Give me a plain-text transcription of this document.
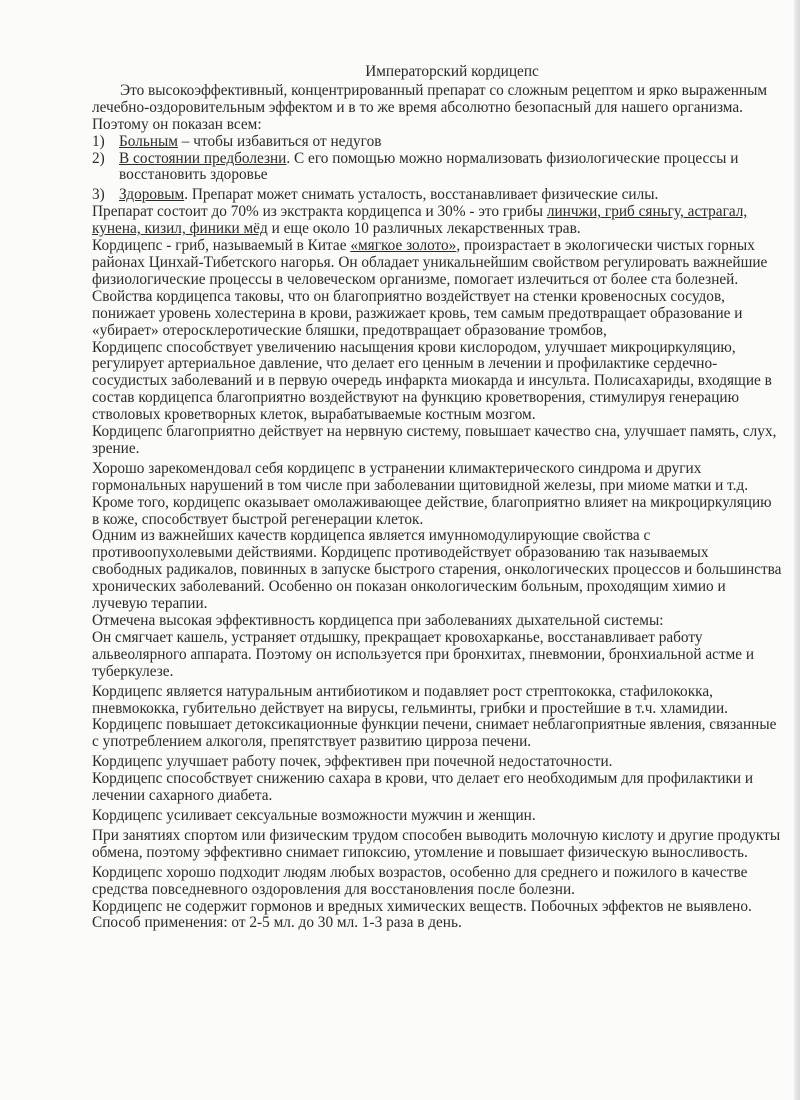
Императорский кордицепс

Это высокоэффективный, концентрированный препарат со сложным рецептом и ярко выраженным лечебно-оздоровительным эффектом и в то же время абсолютно безопасный для нашего организма.

Поэтому он показан всем:

1) Больным – чтобы избавиться от недугов
2) В состоянии предболезни. С его помощью можно нормализовать физиологические процессы и восстановить здоровье
3) Здоровым. Препарат может снимать усталость, восстанавливает физические силы.

Препарат состоит до 70% из экстракта кордицепса и 30% - это грибы линчжи, гриб сяньгу, астрагал, кунена, кизил, финики мёд и еще около 10 различных лекарственных трав.

Кордицепс - гриб, называемый в Китае «мягкое золото», произрастает в экологически чистых горных районах Цинхай-Тибетского нагорья. Он обладает уникальнейшим свойством регулировать важнейшие физиологические процессы в человеческом организме, помогает излечиться от более ста болезней. Свойства кордицепса таковы, что он благоприятно воздействует на стенки кровеносных сосудов, понижает уровень холестерина в крови, разжижает кровь, тем самым предотвращает образование и «убирает» отеросклеротические бляшки, предотвращает образование тромбов,

Кордицепс способствует увеличению насыщения крови кислородом, улучшает микроциркуляцию, регулирует артериальное давление, что делает его ценным в лечении и профилактике сердечно-сосудистых заболеваний и в первую очередь инфаркта миокарда и инсульта. Полисахариды, входящие в состав кордицепса благоприятно воздействуют на функцию кроветворения, стимулируя генерацию стволовых кроветворных клеток, вырабатываемые костным мозгом.

Кордицепс благоприятно действует на нервную систему, повышает качество сна, улучшает память, слух, зрение.

Хорошо зарекомендовал себя кордицепс в устранении климактерического синдрома и других гормональных нарушений в том числе при заболевании щитовидной железы, при миоме матки и т.д.

Кроме того, кордицепс оказывает омолаживающее действие, благоприятно влияет на микроциркуляцию в коже, способствует быстрой регенерации клеток.

Одним из важнейших качеств кордицепса является имунномодулирующие свойства с противоопухолевыми действиями. Кордицепс противодействует образованию так называемых свободных радикалов, повинных в запуске быстрого старения, онкологических процессов и большинства хронических заболеваний. Особенно он показан онкологическим больным, проходящим химио и лучевую терапии.

Отмечена высокая эффективность кордицепса при заболеваниях дыхательной системы:

Он смягчает кашель, устраняет отдышку, прекращает кровохарканье, восстанавливает работу альвеолярного аппарата. Поэтому он используется при бронхитах, пневмонии, бронхиальной астме и туберкулезе.

Кордицепс является натуральным антибиотиком и подавляет рост стрептококка, стафилококка, пневмококка, губительно действует на вирусы, гельминты, грибки и простейшие в т.ч. хламидии.

Кордицепс повышает детоксикационные функции печени, снимает неблагоприятные явления, связанные с употреблением алкоголя, препятствует развитию цирроза печени.

Кордицепс улучшает работу почек, эффективен при почечной недостаточности.

Кордицепс способствует снижению сахара в крови, что делает его необходимым для профилактики и лечении сахарного диабета.

Кордицепс усиливает сексуальные возможности мужчин и женщин.

При занятиях спортом или физическим трудом способен выводить молочную кислоту и другие продукты обмена, поэтому эффективно снимает гипоксию, утомление и повышает физическую выносливость.

Кордицепс хорошо подходит людям любых возрастов, особенно для среднего и пожилого в качестве средства повседневного оздоровления для восстановления после болезни.

Кордицепс не содержит гормонов и вредных химических веществ. Побочных эффектов не выявлено.

Способ применения: от 2-5 мл. до 30 мл. 1-3 раза в день.
